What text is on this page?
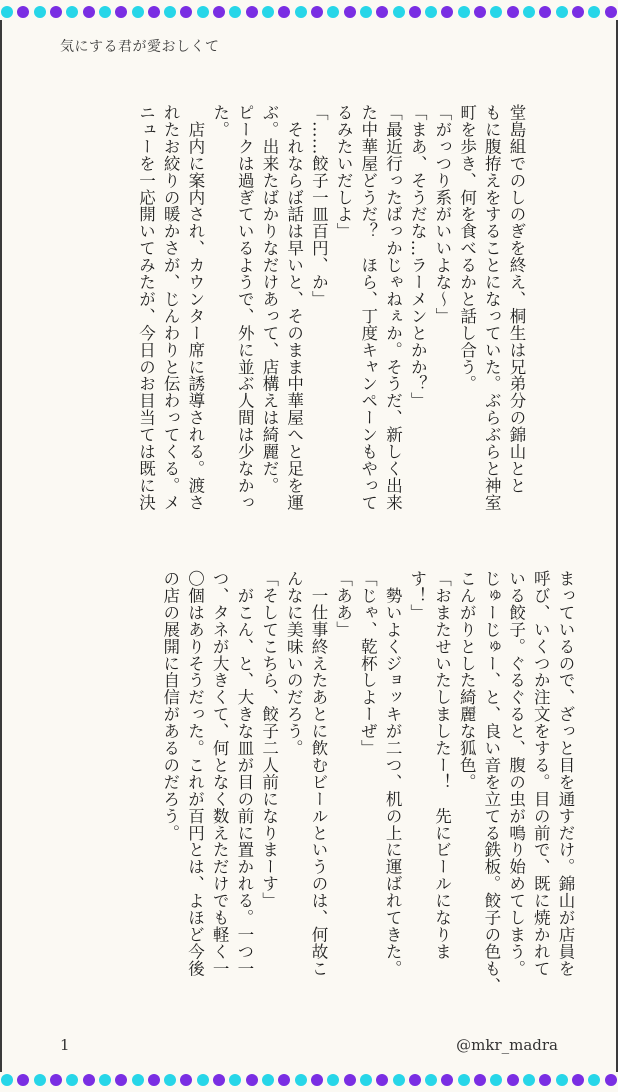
気にする君が愛おしくて
堂島組でのしのぎを終え、桐生は兄弟分の錦山とと
もに腹拵えをすることになっていた。ぶらぶらと神室
町を歩き、何を食べるかと話し合う。
「がっつり系がいいよな〜」
「まあ、そうだな…ラーメンとかか？」
「最近行ったばっかじゃねぇか。そうだ、新しく出来
た中華屋どうだ？　ほら、丁度キャンペーンもやって
るみたいだしよ」
「……餃子一皿百円、か」
　それならば話は早いと、そのまま中華屋へと足を運
ぶ。出来たばかりなだけあって、店構えは綺麗だ。
ピークは過ぎているようで、外に並ぶ人間は少なかっ
た。
　店内に案内され、カウンター席に誘導される。渡さ
れたお絞りの暖かさが、じんわりと伝わってくる。メ
ニューを一応開いてみたが、今日のお目当ては既に決
まっているので、ざっと目を通すだけ。錦山が店員を
呼び、いくつか注文をする。目の前で、既に焼かれて
いる餃子。ぐるぐると、腹の虫が鳴り始めてしまう。
じゅーじゅー、と、良い音を立てる鉄板。餃子の色も、
こんがりとした綺麗な狐色。
「おまたせいたしましたー！　先にビールになりま
す！」
　勢いよくジョッキが二つ、机の上に運ばれてきた。
「じゃ、乾杯しよーぜ」
「ああ」
　一仕事終えたあとに飲むビールというのは、何故こ
んなに美味いのだろう。
「そしてこちら、餃子二人前になりまーす」
　がこん、と、大きな皿が目の前に置かれる。一つ一
つ、タネが大きくて、何となく数えただけでも軽く一
〇個はありそうだった。これが百円とは、よほど今後
の店の展開に自信があるのだろう。
1	@mkr_madra
